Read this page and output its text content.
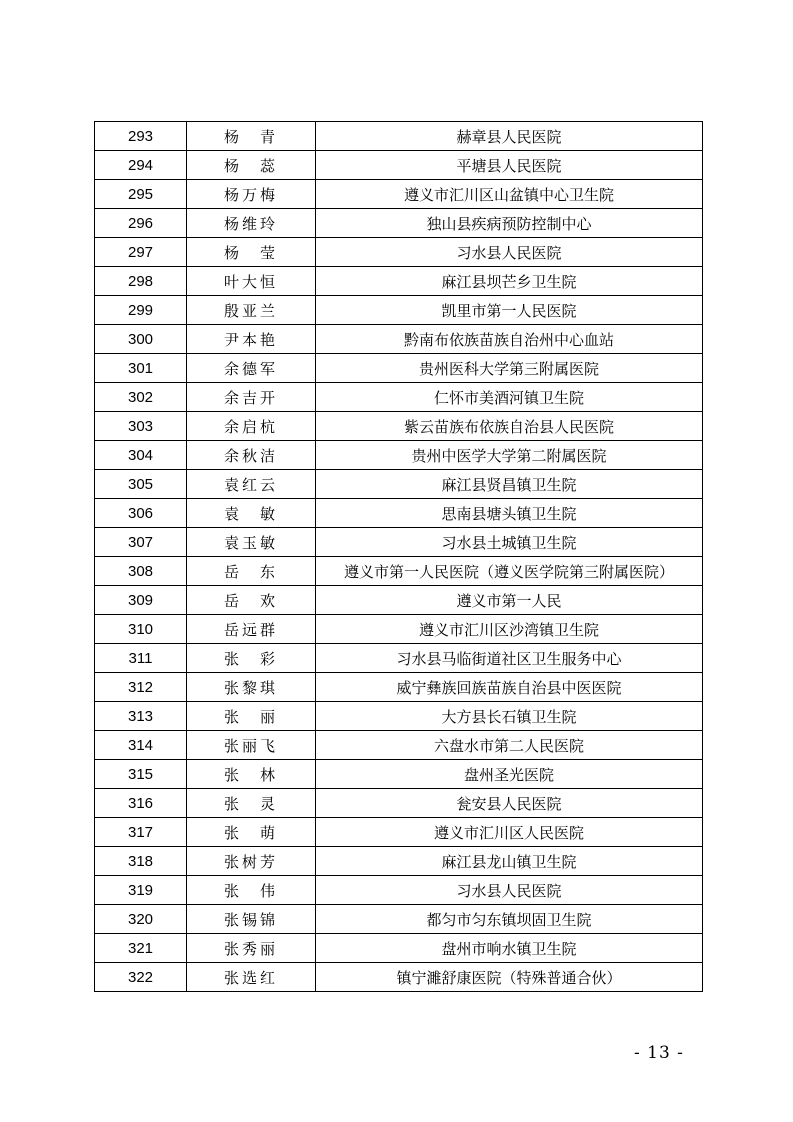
293	杨　青	赫章县人民医院
294	杨　蕊	平塘县人民医院
295	杨万梅	遵义市汇川区山盆镇中心卫生院
296	杨维玲	独山县疾病预防控制中心
297	杨　莹	习水县人民医院
298	叶大恒	麻江县坝芒乡卫生院
299	殷亚兰	凯里市第一人民医院
300	尹本艳	黔南布依族苗族自治州中心血站
301	余德军	贵州医科大学第三附属医院
302	余吉开	仁怀市美酒河镇卫生院
303	余启杭	紫云苗族布依族自治县人民医院
304	余秋洁	贵州中医学大学第二附属医院
305	袁红云	麻江县贤昌镇卫生院
306	袁　敏	思南县塘头镇卫生院
307	袁玉敏	习水县土城镇卫生院
308	岳　东	遵义市第一人民医院（遵义医学院第三附属医院）
309	岳　欢	遵义市第一人民
310	岳远群	遵义市汇川区沙湾镇卫生院
311	张　彩	习水县马临街道社区卫生服务中心
312	张黎琪	威宁彝族回族苗族自治县中医医院
313	张　丽	大方县长石镇卫生院
314	张丽飞	六盘水市第二人民医院
315	张　林	盘州圣光医院
316	张　灵	瓮安县人民医院
317	张　萌	遵义市汇川区人民医院
318	张树芳	麻江县龙山镇卫生院
319	张　伟	习水县人民医院
320	张锡锦	都匀市匀东镇坝固卫生院
321	张秀丽	盘州市响水镇卫生院
322	张选红	镇宁濉舒康医院（特殊普通合伙）
- 13 -
